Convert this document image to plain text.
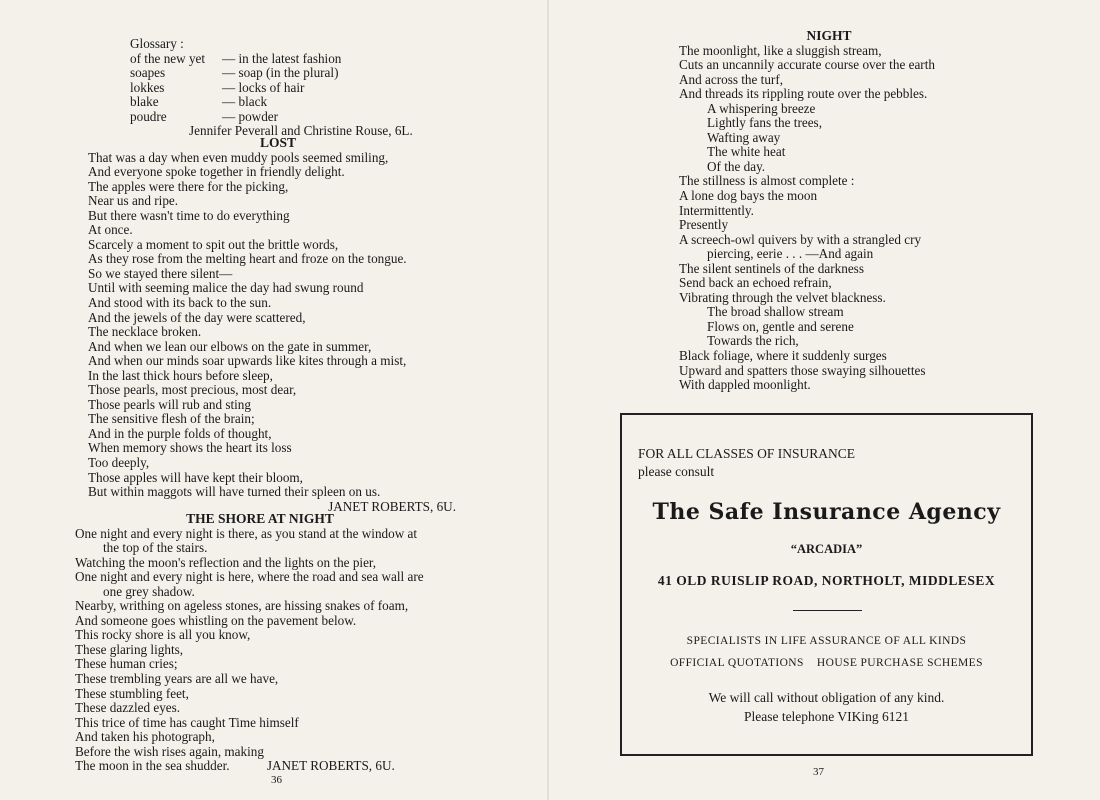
Glossary :
of the new yet	— in the latest fashion
soapes	— soap (in the plural)
lokkes	— locks of hair
blake	— black
poudre	— powder
Jennifer Peverall and Christine Rouse, 6L.
LOST
That was a day when even muddy pools seemed smiling,
And everyone spoke together in friendly delight.
The apples were there for the picking,
Near us and ripe.
But there wasn't time to do everything
At once.
Scarcely a moment to spit out the brittle words,
As they rose from the melting heart and froze on the tongue.
So we stayed there silent—
Until with seeming malice the day had swung round
And stood with its back to the sun.
And the jewels of the day were scattered,
The necklace broken.
And when we lean our elbows on the gate in summer,
And when our minds soar upwards like kites through a mist,
In the last thick hours before sleep,
Those pearls, most precious, most dear,
Those pearls will rub and sting
The sensitive flesh of the brain;
And in the purple folds of thought,
When memory shows the heart its loss
Too deeply,
Those apples will have kept their bloom,
But within maggots will have turned their spleen on us.
JANET ROBERTS, 6U.
THE SHORE AT NIGHT
One night and every night is there, as you stand at the window at
the top of the stairs.
Watching the moon's reflection and the lights on the pier,
One night and every night is here, where the road and sea wall are
one grey shadow.
Nearby, writhing on ageless stones, are hissing snakes of foam,
And someone goes whistling on the pavement below.
This rocky shore is all you know,
These glaring lights,
These human cries;
These trembling years are all we have,
These stumbling feet,
These dazzled eyes.
This trice of time has caught Time himself
And taken his photograph,
Before the wish rises again, making
The moon in the sea shudder.	JANET ROBERTS, 6U.
36
NIGHT
The moonlight, like a sluggish stream,
Cuts an uncannily accurate course over the earth
And across the turf,
And threads its rippling route over the pebbles.
A whispering breeze
Lightly fans the trees,
Wafting away
The white heat
Of the day.
The stillness is almost complete :
A lone dog bays the moon
Intermittently.
Presently
A screech-owl quivers by with a strangled cry
piercing, eerie . . . —And again
The silent sentinels of the darkness
Send back an echoed refrain,
Vibrating through the velvet blackness.
The broad shallow stream
Flows on, gentle and serene
Towards the rich,
Black foliage, where it suddenly surges
Upward and spatters those swaying silhouettes
With dappled moonlight.
FOR ALL CLASSES OF INSURANCE
please consult
The Safe Insurance Agency
“ARCADIA”
41 OLD RUISLIP ROAD, NORTHOLT, MIDDLESEX
SPECIALISTS IN LIFE ASSURANCE OF ALL KINDS
OFFICIAL QUOTATIONS    HOUSE PURCHASE SCHEMES
We will call without obligation of any kind.
Please telephone VIKing 6121
37
